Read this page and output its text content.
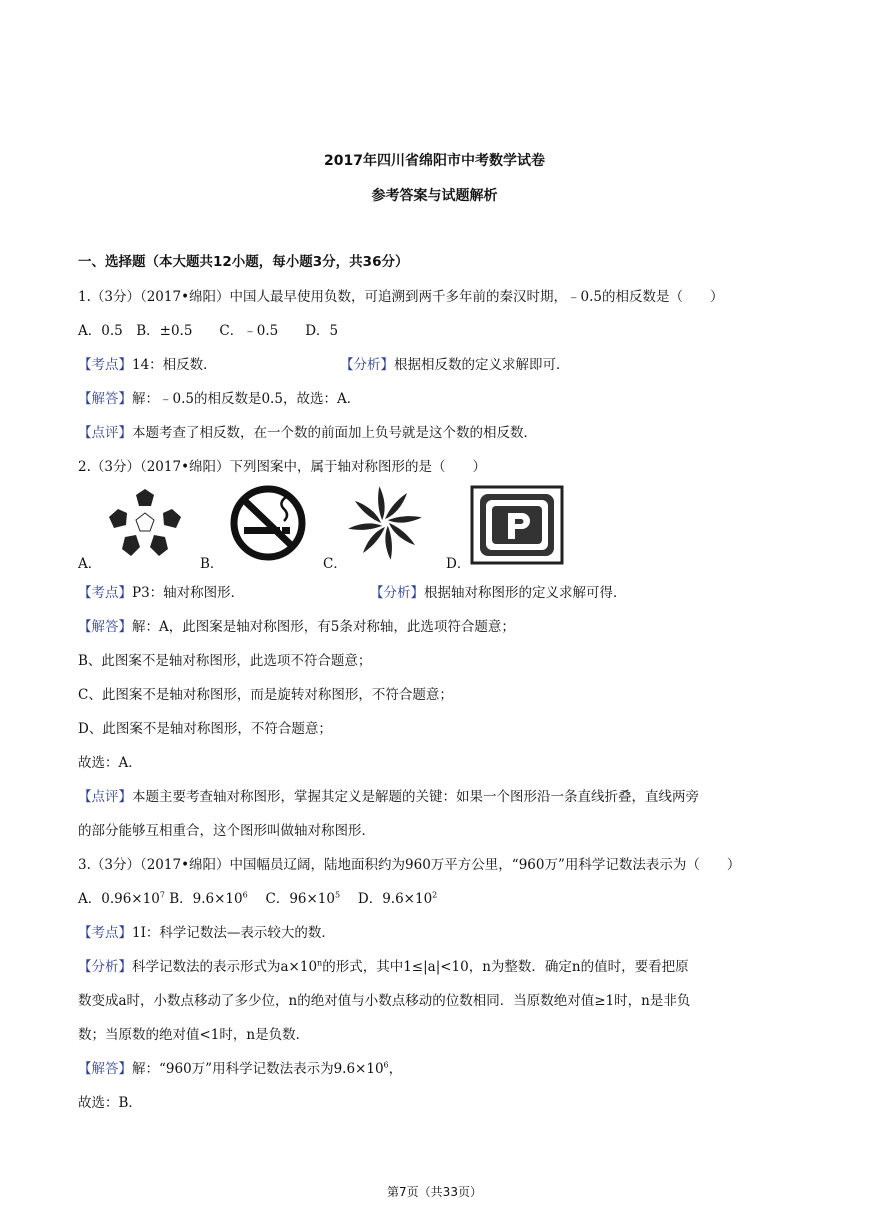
2017年四川省绵阳市中考数学试卷
参考答案与试题解析
一、选择题（本大题共12小题，每小题3分，共36分）
1.（3分）（2017•绵阳）中国人最早使用负数，可追溯到两千多年前的秦汉时期，﹣0.5的相反数是（　　）
A．0.5　B．±0.5　　C．﹣0.5　　D．5
【考点】14：相反数．	【分析】根据相反数的定义求解即可．
【解答】解：﹣0.5的相反数是0.5，故选：A．
【点评】本题考查了相反数，在一个数的前面加上负号就是这个数的相反数．
2.（3分）（2017•绵阳）下列图案中，属于轴对称图形的是（　　）
A．	B．	C．	D．
【考点】P3：轴对称图形．	【分析】根据轴对称图形的定义求解可得．
【解答】解：A，此图案是轴对称图形，有5条对称轴，此选项符合题意；
B、此图案不是轴对称图形，此选项不符合题意；
C、此图案不是轴对称图形，而是旋转对称图形，不符合题意；
D、此图案不是轴对称图形，不符合题意；
故选：A．
【点评】本题主要考查轴对称图形，掌握其定义是解题的关键：如果一个图形沿一条直线折叠，直线两旁
的部分能够互相重合，这个图形叫做轴对称图形．
3.（3分）（2017•绵阳）中国幅员辽阔，陆地面积约为960万平方公里，“960万”用科学记数法表示为（　　）
A．$0.96\times 10^7$ B．$9.6\times 10^6$　 C．$96\times 10^5$　 D．$9.6\times 10^2$
【考点】1I：科学记数法—表示较大的数．
【分析】科学记数法的表示形式为$a\times 10^n$的形式，其中1≤|a|<10，n为整数．确定n的值时，要看把原
数变成a时，小数点移动了多少位，n的绝对值与小数点移动的位数相同．当原数绝对值≥1时，n是非负
数；当原数的绝对值<1时，n是负数．
【解答】解：“960万”用科学记数法表示为$9.6\times 10^6$，
故选：B．
第7页（共33页）
